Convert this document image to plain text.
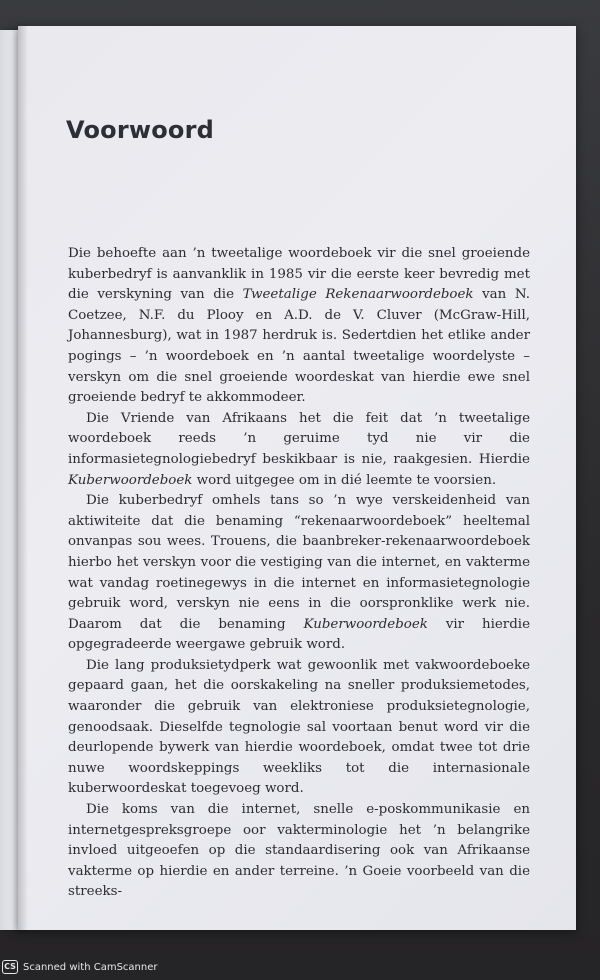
Voorwoord

Die behoefte aan ’n tweetalige woordeboek vir die snel groeiende kuberbedryf is aanvanklik in 1985 vir die eerste keer bevredig met die verskyning van die Tweetalige Rekenaarwoordeboek van N. Coetzee, N.F. du Plooy en A.D. de V. Cluver (McGraw-Hill, Johannesburg), wat in 1987 herdruk is. Sedertdien het etlike ander pogings – ’n woordeboek en ’n aantal tweetalige woordelyste – verskyn om die snel groeiende woordeskat van hierdie ewe snel groeiende bedryf te akkommodeer.

Die Vriende van Afrikaans het die feit dat ’n tweetalige woordeboek reeds ’n geruime tyd nie vir die informasietegnologiebedryf beskikbaar is nie, raakgesien. Hierdie Kuberwoordeboek word uitgegee om in dié leemte te voorsien.

Die kuberbedryf omhels tans so ’n wye verskeidenheid van aktiwiteite dat die benaming “rekenaarwoordeboek” heeltemal onvanpas sou wees. Trouens, die baanbreker-rekenaarwoordeboek hierbo het verskyn voor die vestiging van die internet, en vakterme wat vandag roetinegewys in die internet en informasietegnologie gebruik word, verskyn nie eens in die oorspronklike werk nie. Daarom dat die benaming Kuberwoordeboek vir hierdie opgegradeerde weergawe gebruik word.

Die lang produksietydperk wat gewoonlik met vakwoordeboeke gepaard gaan, het die oorskakeling na sneller produksiemetodes, waaronder die gebruik van elektroniese produksietegnologie, genoodsaak. Dieselfde tegnologie sal voortaan benut word vir die deurlopende bywerk van hierdie woordeboek, omdat twee tot drie nuwe woordskeppings weekliks tot die internasionale kuberwoordeskat toegevoeg word.

Die koms van die internet, snelle e-poskommunikasie en internetgespreksgroepe oor vakterminologie het ’n belangrike invloed uitgeoefen op die standaardisering ook van Afrikaanse vakterme op hierdie en ander terreine. ’n Goeie voorbeeld van die streeks-

CS Scanned with CamScanner
